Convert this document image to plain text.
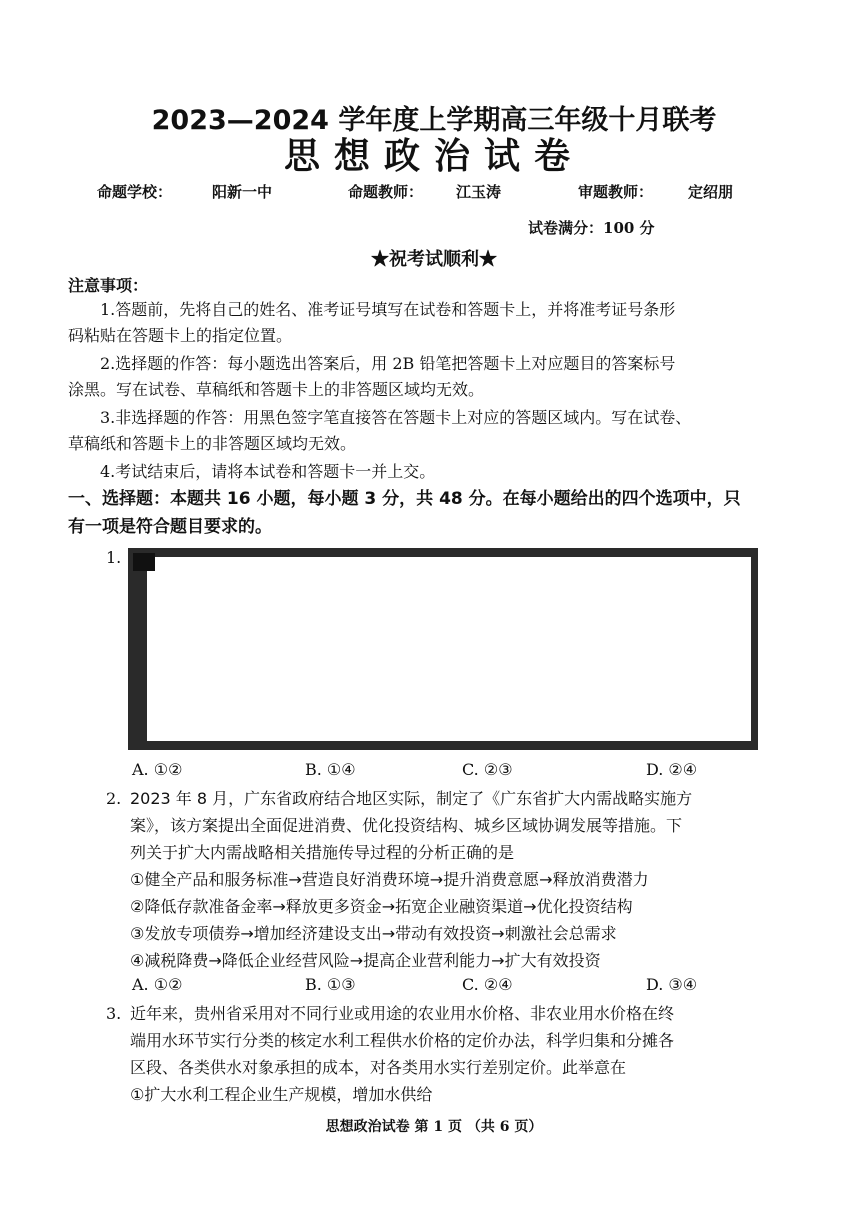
2023—2024 学年度上学期高三年级十月联考
思想政治试卷
命题学校：	阳新一中	命题教师： 江玉涛	审题教师： 定绍朋
试卷满分：100 分
★祝考试顺利★
注意事项：
1.答题前，先将自己的姓名、准考证号填写在试卷和答题卡上，并将准考证号条形
码粘贴在答题卡上的指定位置。
2.选择题的作答：每小题选出答案后，用 2B 铅笔把答题卡上对应题目的答案标号
涂黑。写在试卷、草稿纸和答题卡上的非答题区域均无效。
3.非选择题的作答：用黑色签字笔直接答在答题卡上对应的答题区域内。写在试卷、
草稿纸和答题卡上的非答题区域均无效。
4.考试结束后，请将本试卷和答题卡一并上交。
一、选择题：本题共 16 小题，每小题 3 分，共 48 分。在每小题给出的四个选项中，只
有一项是符合题目要求的。
1.
A. ①②	B. ①④	C. ②③	D. ②④
2. 2023 年 8 月，广东省政府结合地区实际，制定了《广东省扩大内需战略实施方
案》，该方案提出全面促进消费、优化投资结构、城乡区域协调发展等措施。下
列关于扩大内需战略相关措施传导过程的分析正确的是
①健全产品和服务标准→营造良好消费环境→提升消费意愿→释放消费潜力
②降低存款准备金率→释放更多资金→拓宽企业融资渠道→优化投资结构
③发放专项债券→增加经济建设支出→带动有效投资→刺激社会总需求
④减税降费→降低企业经营风险→提高企业营利能力→扩大有效投资
A. ①②	B. ①③	C. ②④	D. ③④
3. 近年来，贵州省采用对不同行业或用途的农业用水价格、非农业用水价格在终
端用水环节实行分类的核定水利工程供水价格的定价办法，科学归集和分摊各
区段、各类供水对象承担的成本，对各类用水实行差别定价。此举意在
①扩大水利工程企业生产规模，增加水供给
思想政治试卷 第 1 页 （共 6 页）
